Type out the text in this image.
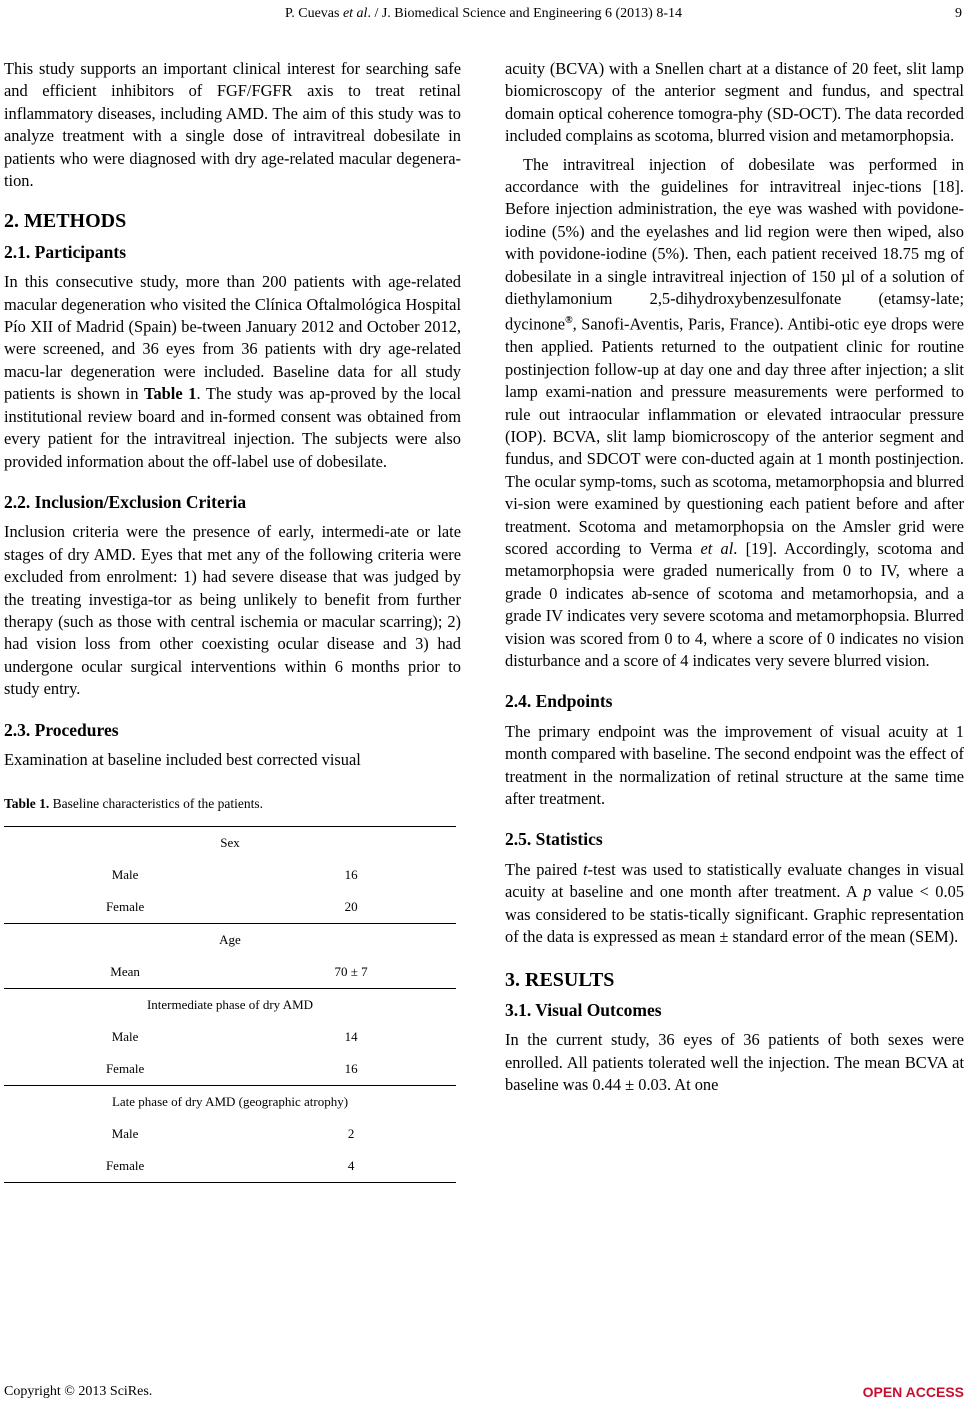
P. Cuevas et al. / J. Biomedical Science and Engineering 6 (2013) 8-14	9

This study supports an important clinical interest for searching safe and efficient inhibitors of FGF/FGFR axis to treat retinal inflammatory diseases, including AMD. The aim of this study was to analyze treatment with a single dose of intravitreal dobesilate in patients who were diagnosed with dry age-related macular degenera-tion.

2. METHODS
2.1. Participants

In this consecutive study, more than 200 patients with age-related macular degeneration who visited the Clínica Oftalmológica Hospital Pío XII of Madrid (Spain) be-tween January 2012 and October 2012, were screened, and 36 eyes from 36 patients with dry age-related macu-lar degeneration were included. Baseline data for all study patients is shown in Table 1. The study was ap-proved by the local institutional review board and in-formed consent was obtained from every patient for the intravitreal injection. The subjects were also provided information about the off-label use of dobesilate.

2.2. Inclusion/Exclusion Criteria

Inclusion criteria were the presence of early, intermedi-ate or late stages of dry AMD. Eyes that met any of the following criteria were excluded from enrolment: 1) had severe disease that was judged by the treating investiga-tor as being unlikely to benefit from further therapy (such as those with central ischemia or macular scarring); 2) had vision loss from other coexisting ocular disease and 3) had undergone ocular surgical interventions within 6 months prior to study entry.

2.3. Procedures

Examination at baseline included best corrected visual

Table 1. Baseline characteristics of the patients.
Sex	
Male	16
Female	20
Age	
Mean	70 ± 7
Intermediate phase of dry AMD	
Male	14
Female	16
Late phase of dry AMD (geographic atrophy)	
Male	2
Female	4

acuity (BCVA) with a Snellen chart at a distance of 20 feet, slit lamp biomicroscopy of the anterior segment and fundus, and spectral domain optical coherence tomogra-phy (SD-OCT). The data recorded included complains as scotoma, blurred vision and metamorphopsia.

The intravitreal injection of dobesilate was performed in accordance with the guidelines for intravitreal injec-tions [18]. Before injection administration, the eye was washed with povidone-iodine (5%) and the eyelashes and lid region were then wiped, also with povidone-iodine (5%). Then, each patient received 18.75 mg of dobesilate in a single intravitreal injection of 150 µl of a solution of diethylamonium 2,5-dihydroxybenzesulfonate (etamsy-late; dycinone®, Sanofi-Aventis, Paris, France). Antibi-otic eye drops were then applied. Patients returned to the outpatient clinic for routine postinjection follow-up at day one and day three after injection; a slit lamp exami-nation and pressure measurements were performed to rule out intraocular inflammation or elevated intraocular pressure (IOP). BCVA, slit lamp biomicroscopy of the anterior segment and fundus, and SDCOT were con-ducted again at 1 month postinjection. The ocular symp-toms, such as scotoma, metamorphopsia and blurred vi-sion were examined by questioning each patient before and after treatment. Scotoma and metamorphopsia on the Amsler grid were scored according to Verma et al. [19]. Accordingly, scotoma and metamorphopsia were graded numerically from 0 to IV, where a grade 0 indicates ab-sence of scotoma and metamorhopsia, and a grade IV indicates very severe scotoma and metamorphopsia. Blurred vision was scored from 0 to 4, where a score of 0 indicates no vision disturbance and a score of 4 indicates very severe blurred vision.

2.4. Endpoints

The primary endpoint was the improvement of visual acuity at 1 month compared with baseline. The second endpoint was the effect of treatment in the normalization of retinal structure at the same time after treatment.

2.5. Statistics

The paired t-test was used to statistically evaluate changes in visual acuity at baseline and one month after treatment. A p value < 0.05 was considered to be statis-tically significant. Graphic representation of the data is expressed as mean ± standard error of the mean (SEM).

3. RESULTS
3.1. Visual Outcomes

In the current study, 36 eyes of 36 patients of both sexes were enrolled. All patients tolerated well the injection. The mean BCVA at baseline was 0.44 ± 0.03. At one

Copyright © 2013 SciRes.	OPEN ACCESS
